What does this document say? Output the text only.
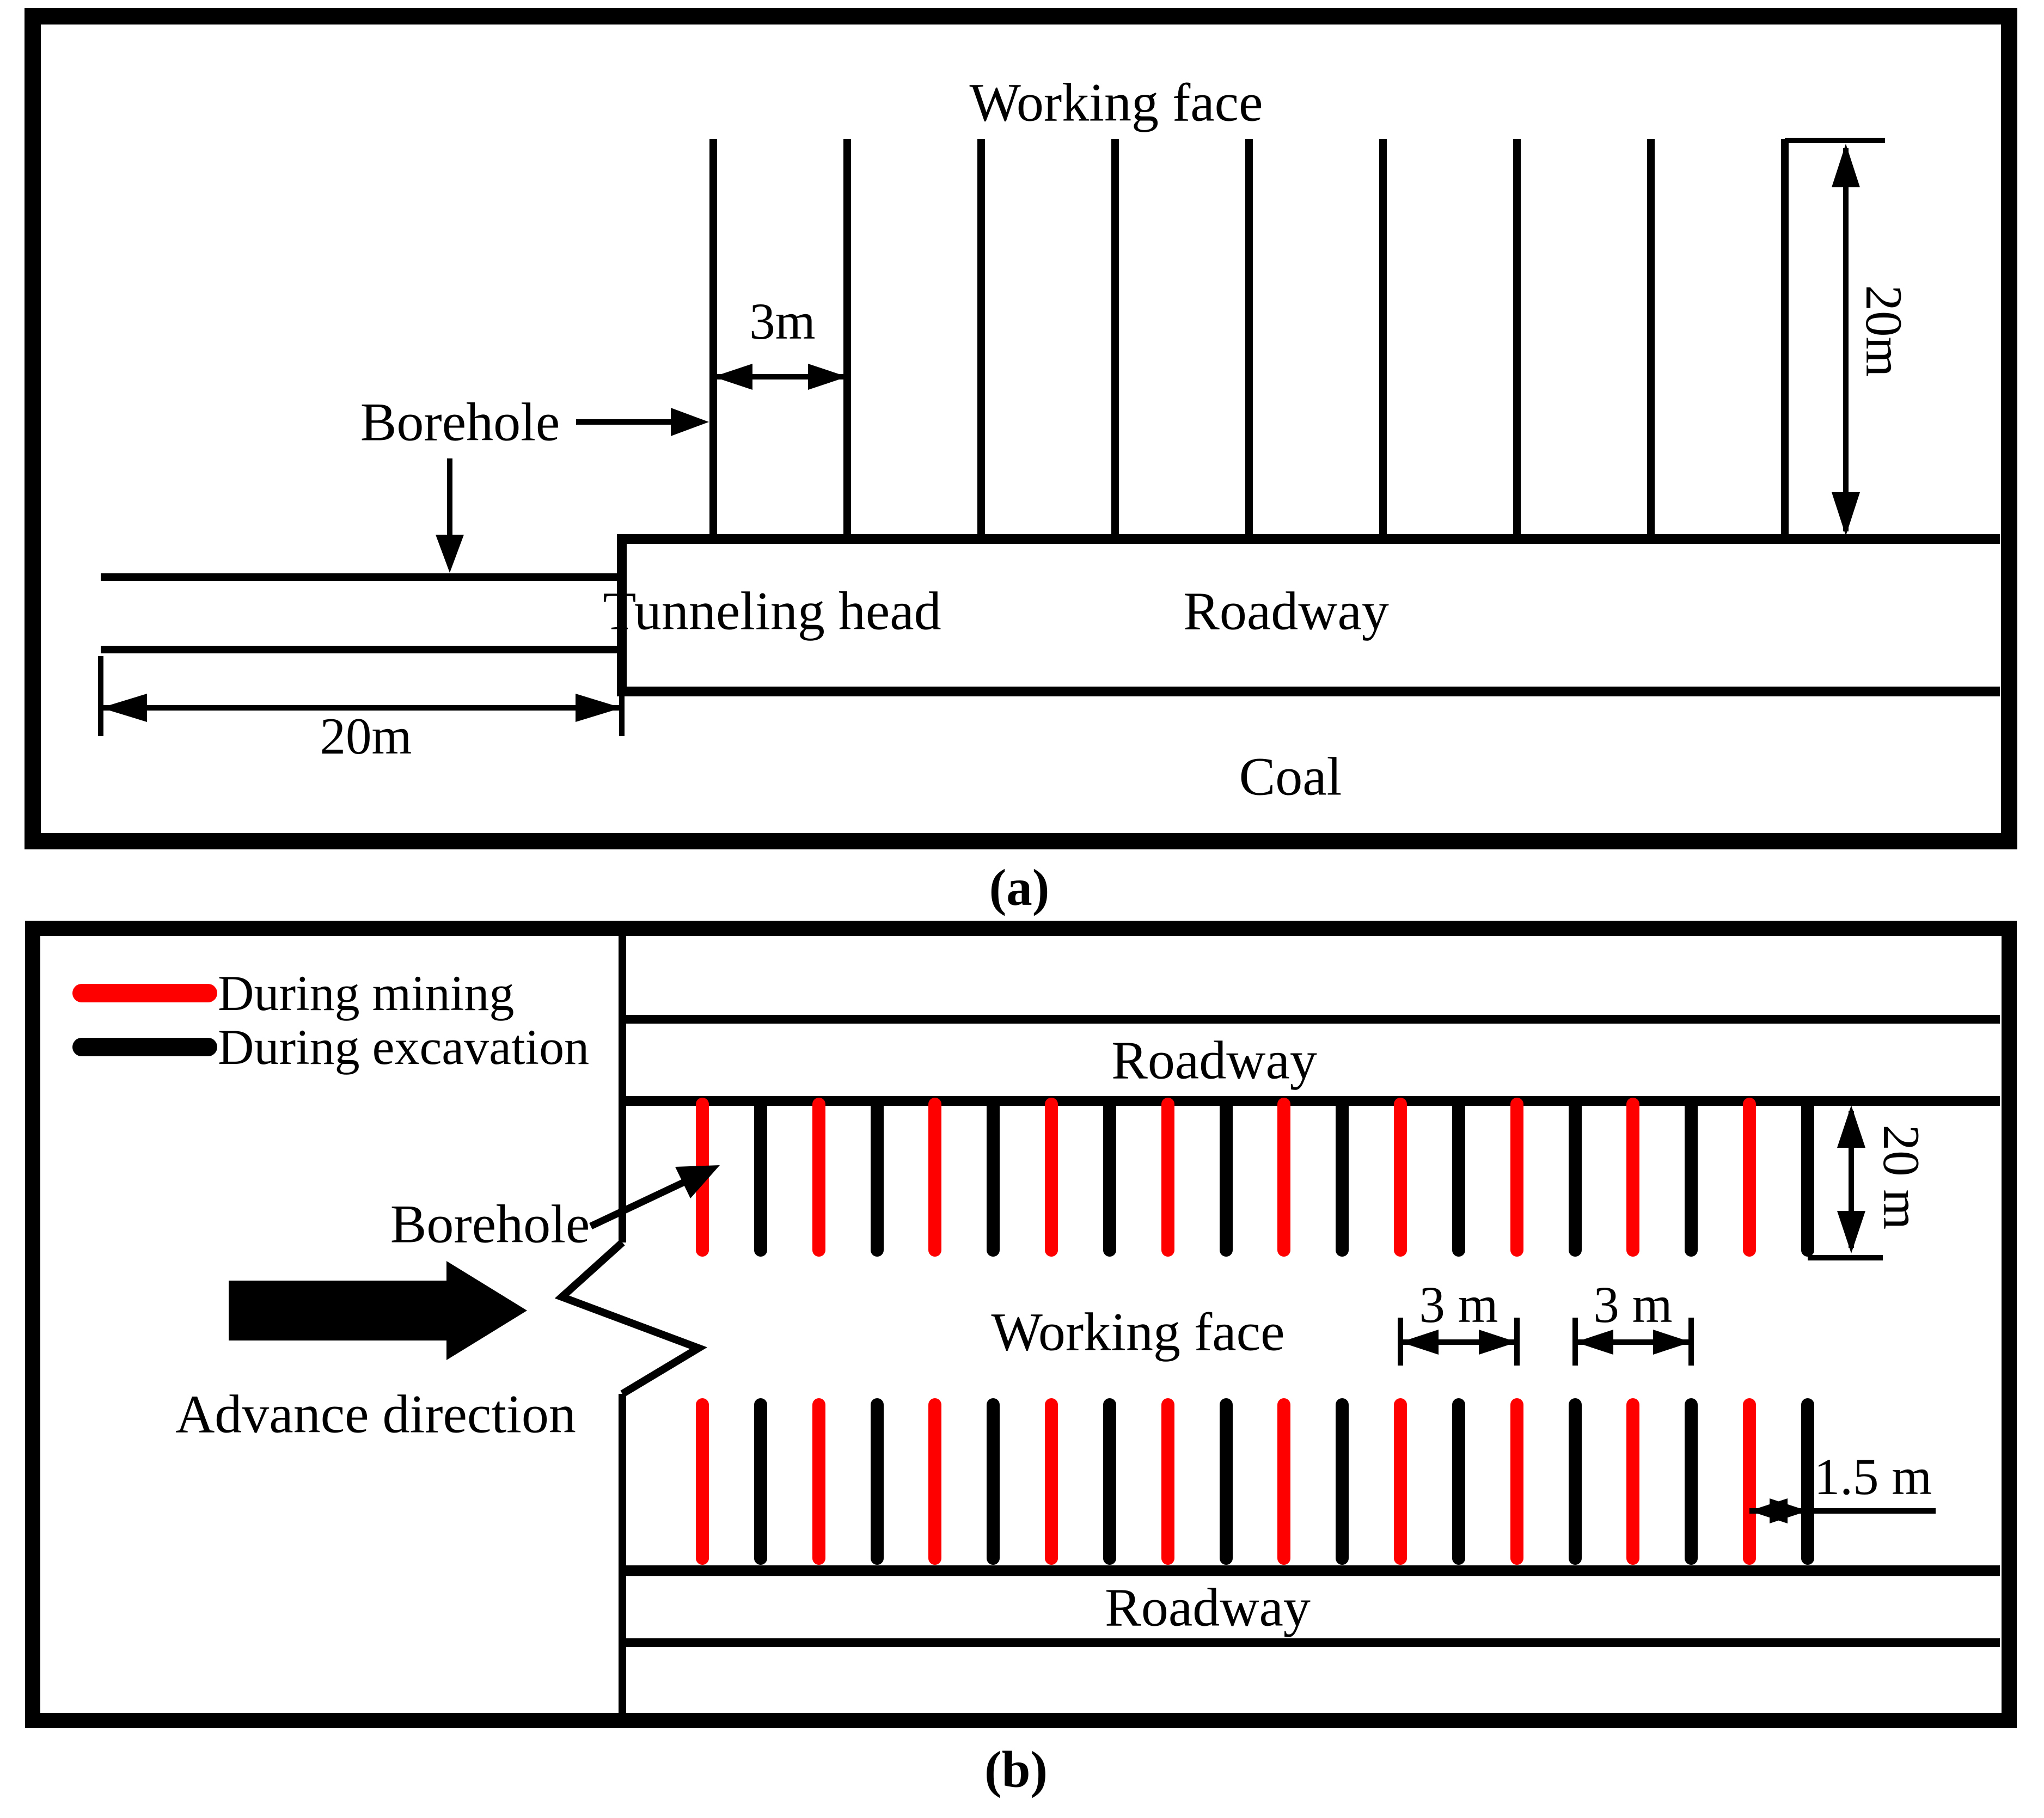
Working face
3m
Borehole
Tunneling head	Roadway
Coal
20m
20m
(a)
During mining
During excavation	Roadway
20 m
Working face	3 m 3 m
1.5 m
Roadway
Advance direction
Borehole
(b)
